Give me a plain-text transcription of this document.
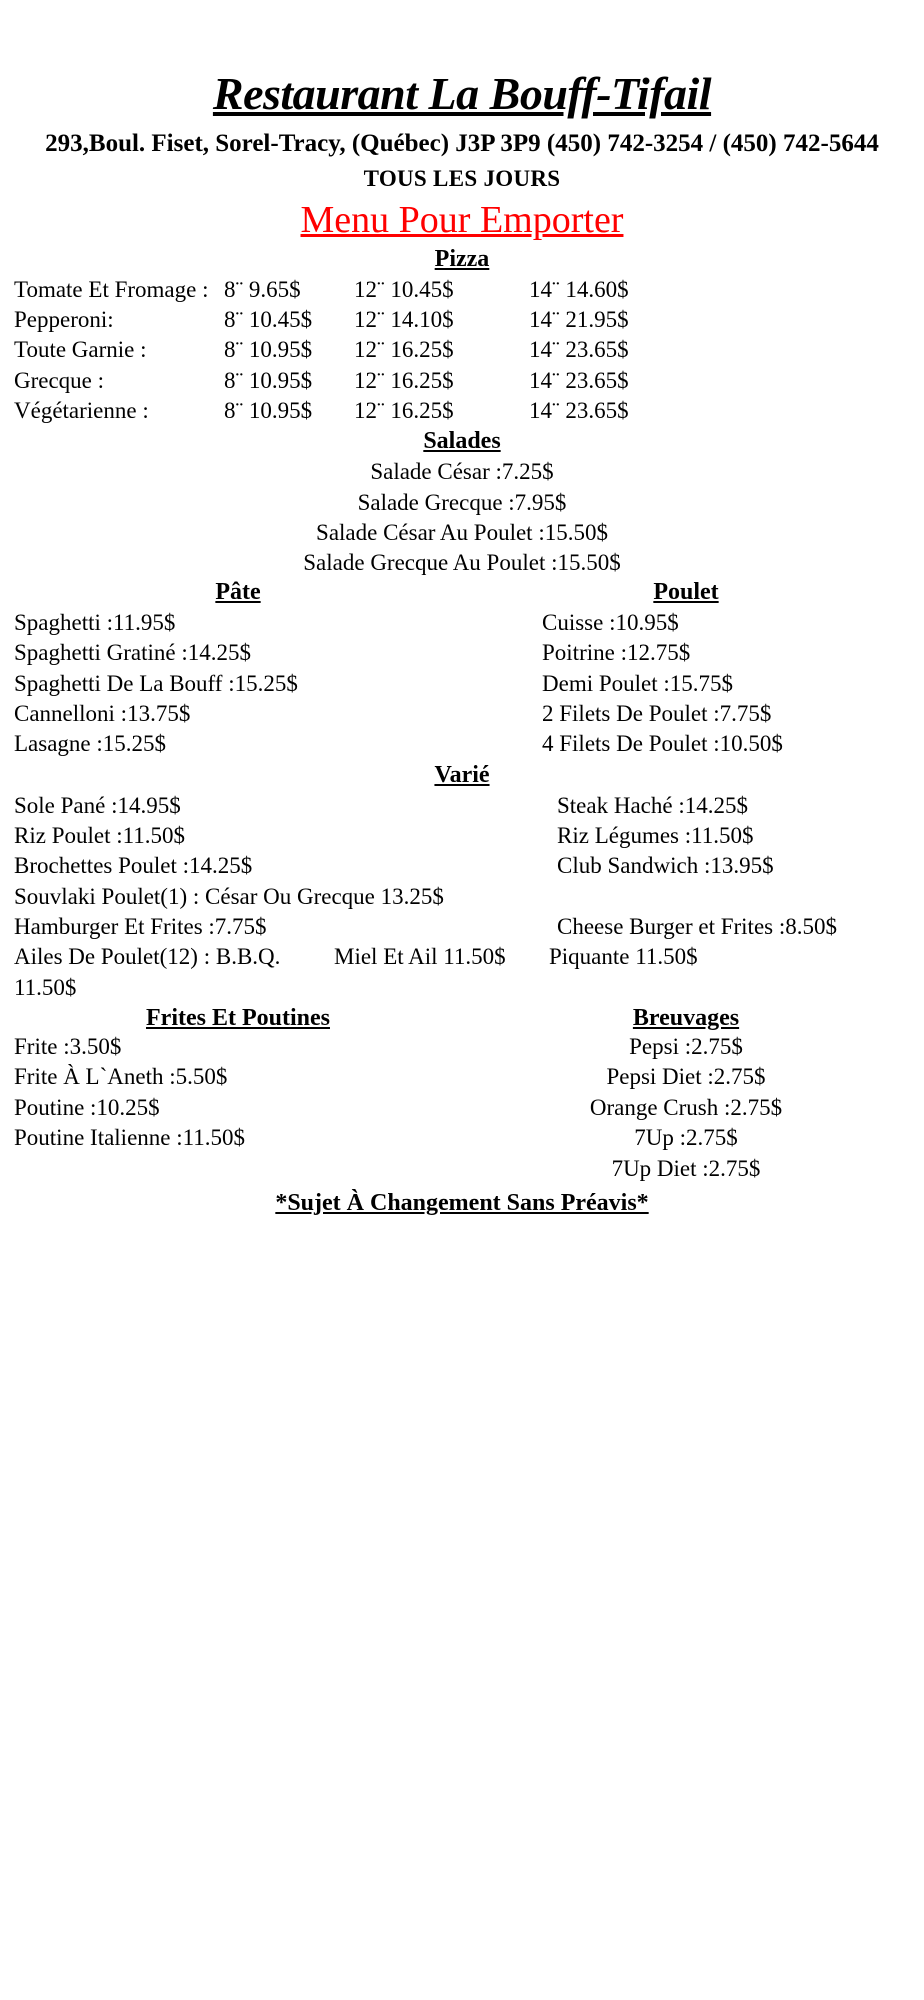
Restaurant La Bouff-Tifail
293,Boul. Fiset, Sorel-Tracy, (Québec) J3P 3P9 (450) 742-3254 / (450) 742-5644
TOUS LES JOURS
Menu Pour Emporter
Pizza
Tomate Et Fromage : 8¨ 9.65$	12¨ 10.45$	14¨ 14.60$
Pepperoni:	8¨ 10.45$	12¨ 14.10$	14¨ 21.95$
Toute Garnie :	8¨ 10.95$	12¨ 16.25$	14¨ 23.65$
Grecque :	8¨ 10.95$	12¨ 16.25$	14¨ 23.65$
Végétarienne :	8¨ 10.95$	12¨ 16.25$	14¨ 23.65$
Salades
Salade César :7.25$
Salade Grecque :7.95$
Salade César Au Poulet :15.50$
Salade Grecque Au Poulet :15.50$
Pâte	Poulet
Spaghetti :11.95$
Spaghetti Gratiné :14.25$
Spaghetti De La Bouff :15.25$
Cannelloni :13.75$
Lasagne :15.25$
Cuisse :10.95$
Poitrine :12.75$
Demi Poulet :15.75$
2 Filets De Poulet :7.75$
4 Filets De Poulet :10.50$
Varié
Sole Pané :14.95$	Steak Haché :14.25$
Riz Poulet :11.50$	Riz Légumes :11.50$
Brochettes Poulet :14.25$	Club Sandwich :13.95$
Souvlaki Poulet(1) : César Ou Grecque 13.25$
Hamburger Et Frites :7.75$	Cheese Burger et Frites :8.50$
Ailes De Poulet(12) : B.B.Q. 11.50$
Miel Et Ail 11.50$	Piquante 11.50$
Frites Et Poutines	Breuvages
Frite :3.50$
Frite À L`Aneth :5.50$
Poutine :10.25$
Poutine Italienne :11.50$
Pepsi :2.75$
Pepsi Diet :2.75$
Orange Crush :2.75$
7Up :2.75$
7Up Diet :2.75$
*Sujet À Changement Sans Préavis*
